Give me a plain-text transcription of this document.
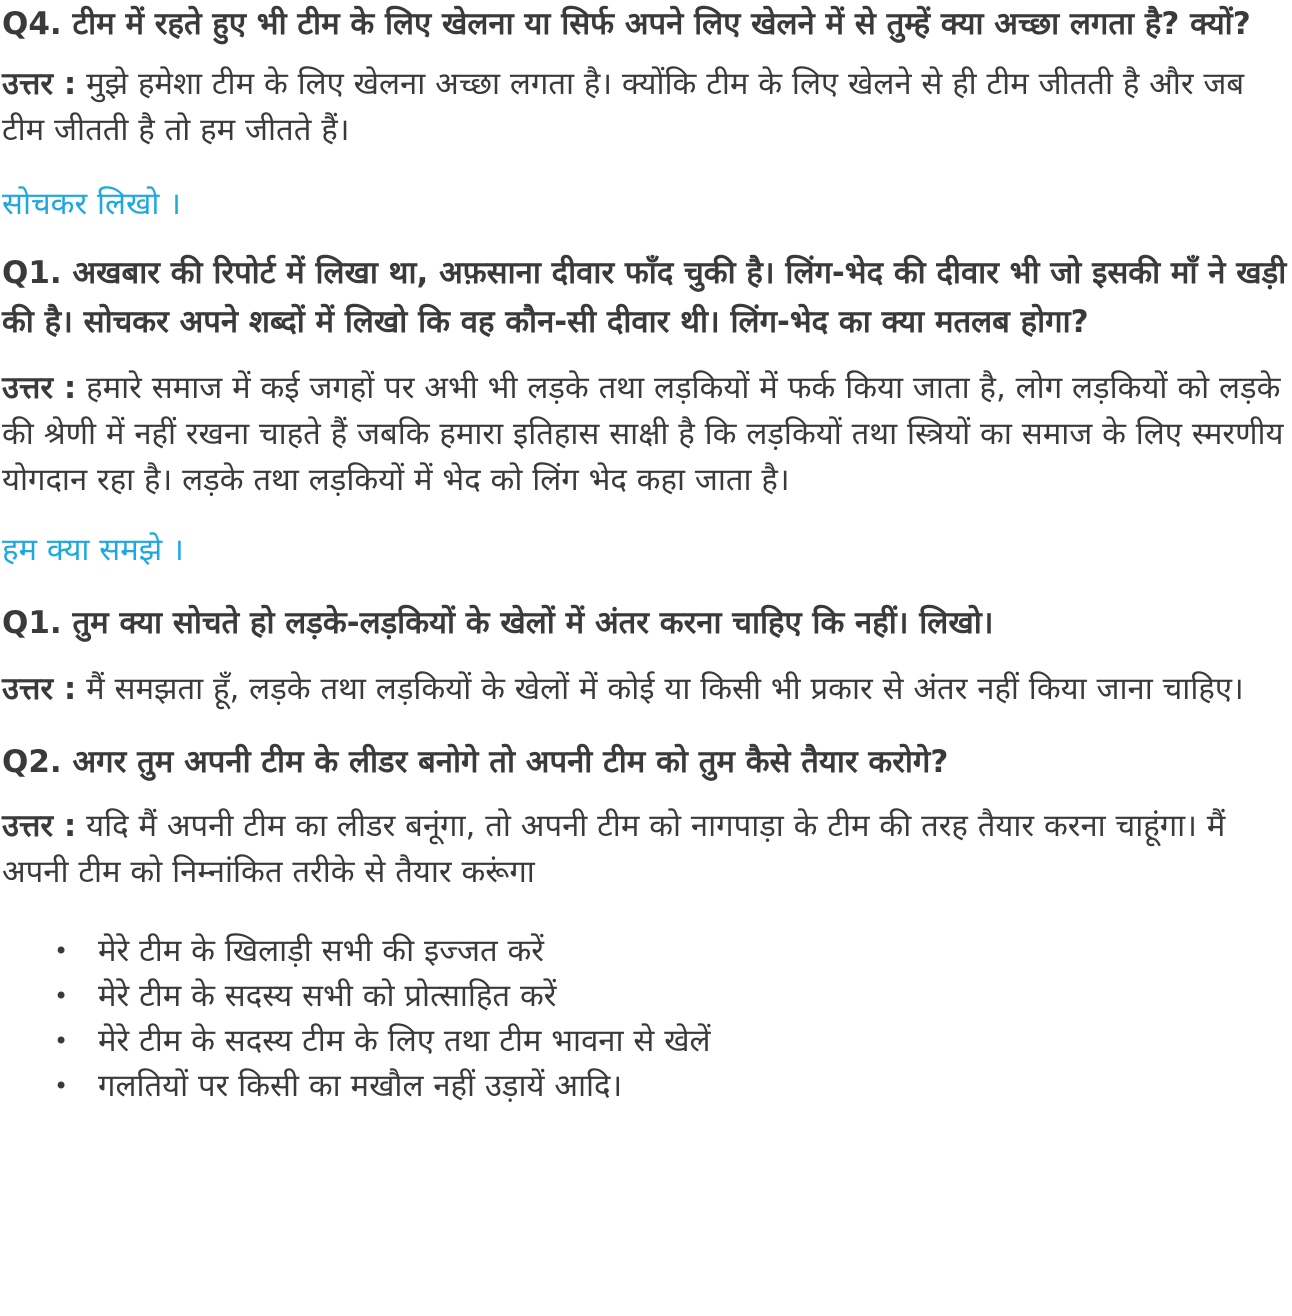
Q4. टीम में रहते हुए भी टीम के लिए खेलना या सिर्फ अपने लिए खेलने में से तुम्हें क्या अच्छा लगता है? क्यों?

उत्तर : मुझे हमेशा टीम के लिए खेलना अच्छा लगता है। क्योंकि टीम के लिए खेलने से ही टीम जीतती है और जब टीम जीतती है तो हम जीतते हैं।

सोचकर लिखो ।

Q1. अखबार की रिपोर्ट में लिखा था, अफ़साना दीवार फाँद चुकी है। लिंग-भेद की दीवार भी जो इसकी माँ ने खड़ी की है। सोचकर अपने शब्दों में लिखो कि वह कौन-सी दीवार थी। लिंग-भेद का क्या मतलब होगा?

उत्तर : हमारे समाज में कई जगहों पर अभी भी लड़के तथा लड़कियों में फर्क किया जाता है, लोग लड़कियों को लड़के की श्रेणी में नहीं रखना चाहते हैं जबकि हमारा इतिहास साक्षी है कि लड़कियों तथा स्त्रियों का समाज के लिए स्मरणीय योगदान रहा है। लड़के तथा लड़कियों में भेद को लिंग भेद कहा जाता है।

हम क्या समझे ।

Q1. तुम क्या सोचते हो लड़के-लड़कियों के खेलों में अंतर करना चाहिए कि नहीं। लिखो।

उत्तर : मैं समझता हूँ, लड़के तथा लड़कियों के खेलों में कोई या किसी भी प्रकार से अंतर नहीं किया जाना चाहिए।

Q2. अगर तुम अपनी टीम के लीडर बनोगे तो अपनी टीम को तुम कैसे तैयार करोगे?

उत्तर : यदि मैं अपनी टीम का लीडर बनूंगा, तो अपनी टीम को नागपाड़ा के टीम की तरह तैयार करना चाहूंगा। मैं अपनी टीम को निम्नांकित तरीके से तैयार करूंगा

• मेरे टीम के खिलाड़ी सभी की इज्जत करें
• मेरे टीम के सदस्य सभी को प्रोत्साहित करें
• मेरे टीम के सदस्य टीम के लिए तथा टीम भावना से खेलें
• गलतियों पर किसी का मखौल नहीं उड़ायें आदि।
